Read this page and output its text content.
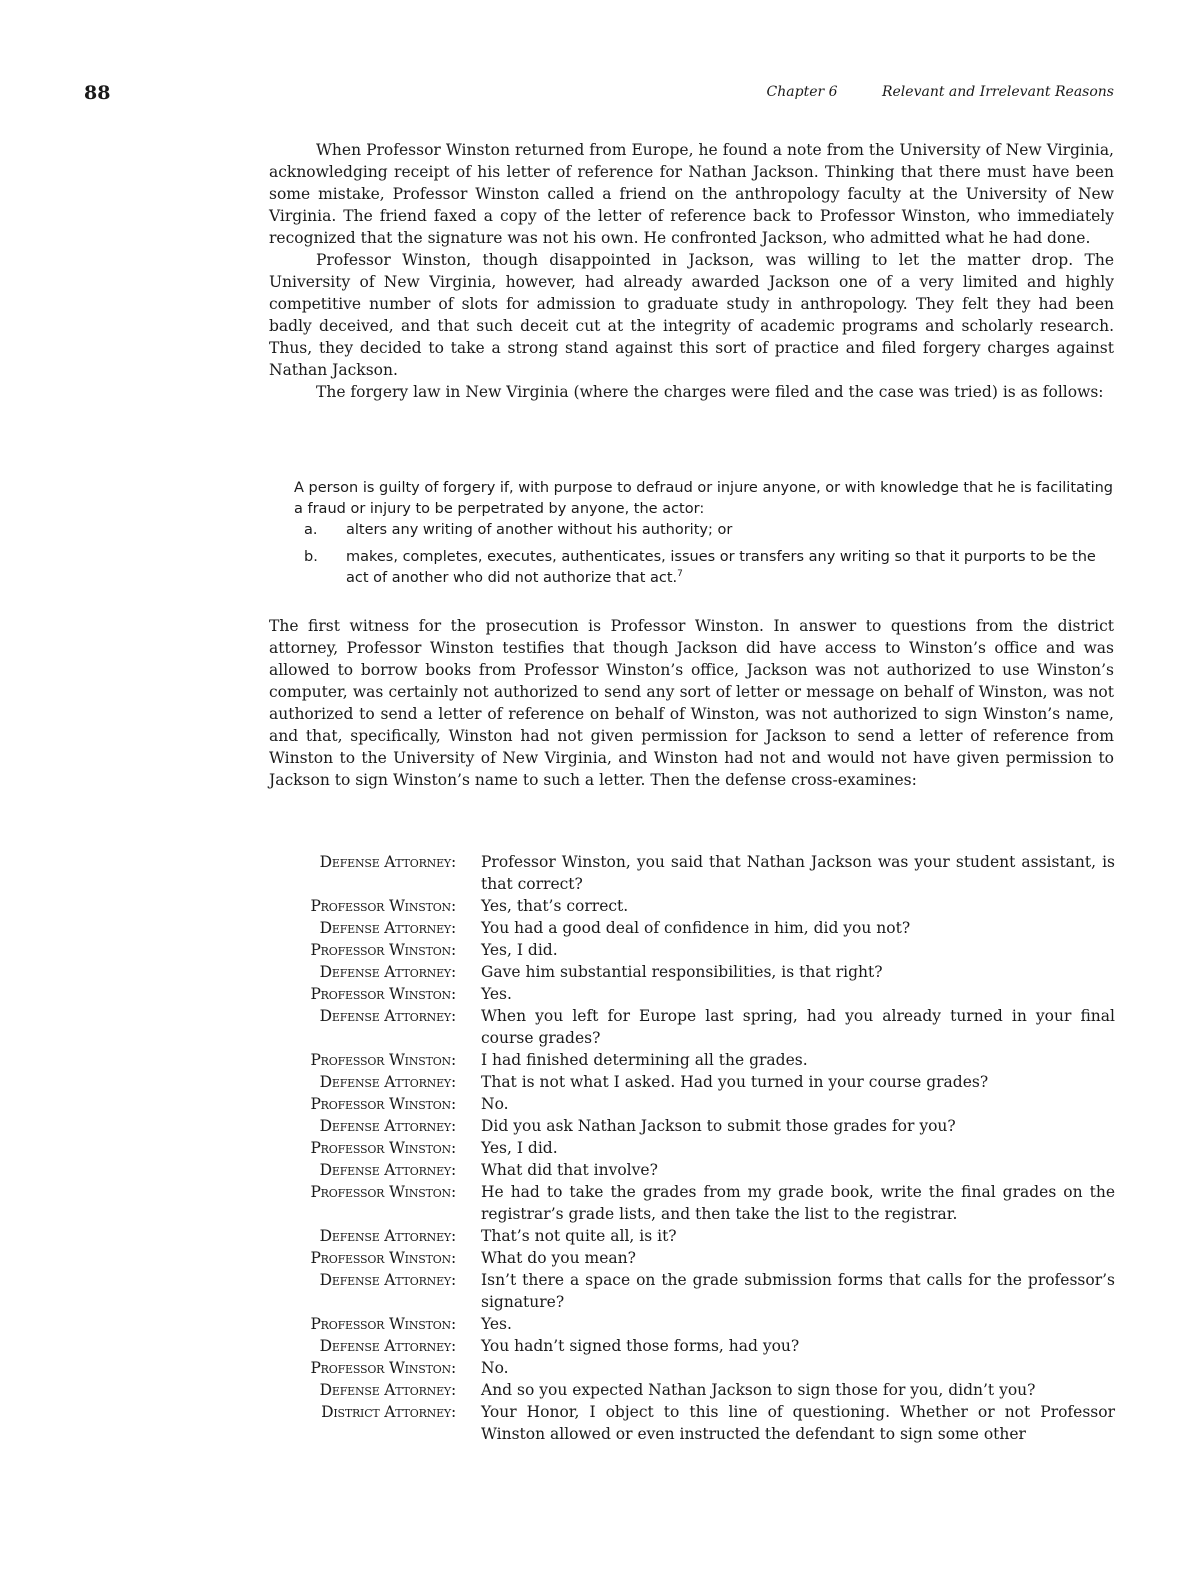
88	Chapter 6	Relevant and Irrelevant Reasons

When Professor Winston returned from Europe, he found a note from the University of New Virginia, acknowledging receipt of his letter of reference for Nathan Jackson. Thinking that there must have been some mistake, Professor Winston called a friend on the anthropology faculty at the University of New Virginia. The friend faxed a copy of the letter of reference back to Professor Winston, who immediately recognized that the signature was not his own. He confronted Jackson, who admitted what he had done.

Professor Winston, though disappointed in Jackson, was willing to let the matter drop. The University of New Virginia, however, had already awarded Jackson one of a very limited and highly competitive number of slots for admission to graduate study in anthropology. They felt they had been badly deceived, and that such deceit cut at the integrity of academic programs and scholarly research. Thus, they decided to take a strong stand against this sort of practice and filed forgery charges against Nathan Jackson.

The forgery law in New Virginia (where the charges were filed and the case was tried) is as follows:

A person is guilty of forgery if, with purpose to defraud or injure anyone, or with knowledge that he is facilitating a fraud or injury to be perpetrated by anyone, the actor:

a.	alters any writing of another without his authority; or
b.	makes, completes, executes, authenticates, issues or transfers any writing so that it purports to be the act of another who did not authorize that act.$^7$

The first witness for the prosecution is Professor Winston. In answer to questions from the district attorney, Professor Winston testifies that though Jackson did have access to Winston’s office and was allowed to borrow books from Professor Winston’s office, Jackson was not authorized to use Winston’s computer, was certainly not authorized to send any sort of letter or message on behalf of Winston, was not authorized to send a letter of reference on behalf of Winston, was not authorized to sign Winston’s name, and that, specifically, Winston had not given permission for Jackson to send a letter of reference from Winston to the University of New Virginia, and Winston had not and would not have given permission to Jackson to sign Winston’s name to such a letter. Then the defense cross-examines:

Defense Attorney: Professor Winston, you said that Nathan Jackson was your student assistant, is that correct?
Professor Winston: Yes, that’s correct.
Defense Attorney: You had a good deal of confidence in him, did you not?
Professor Winston: Yes, I did.
Defense Attorney: Gave him substantial responsibilities, is that right?
Professor Winston: Yes.
Defense Attorney: When you left for Europe last spring, had you already turned in your final course grades?
Professor Winston: I had finished determining all the grades.
Defense Attorney: That is not what I asked. Had you turned in your course grades?
Professor Winston: No.
Defense Attorney: Did you ask Nathan Jackson to submit those grades for you?
Professor Winston: Yes, I did.
Defense Attorney: What did that involve?
Professor Winston: He had to take the grades from my grade book, write the final grades on the registrar’s grade lists, and then take the list to the registrar.
Defense Attorney: That’s not quite all, is it?
Professor Winston: What do you mean?
Defense Attorney: Isn’t there a space on the grade submission forms that calls for the professor’s signature?
Professor Winston: Yes.
Defense Attorney: You hadn’t signed those forms, had you?
Professor Winston: No.
Defense Attorney: And so you expected Nathan Jackson to sign those for you, didn’t you?
District Attorney: Your Honor, I object to this line of questioning. Whether or not Professor Winston allowed or even instructed the defendant to sign some other
